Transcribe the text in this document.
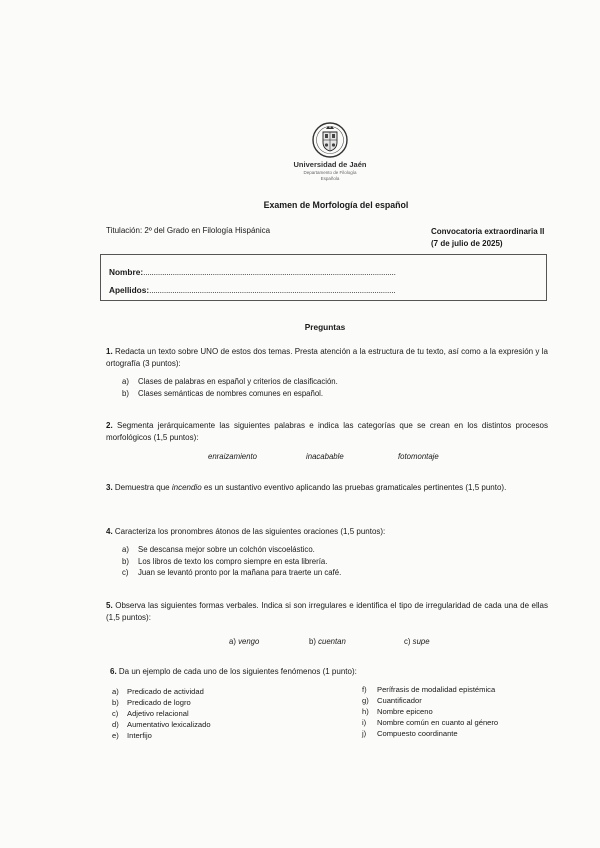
Universidad de Jaén
Departamento de Filología
Española
Examen de Morfología del español
Titulación: 2º del Grado en Filología Hispánica	Convocatoria extraordinaria II
(7 de julio de 2025)
Nombre:........................................................................................................................
Apellidos:.....................................................................................................................
Preguntas
1. Redacta un texto sobre UNO de estos dos temas. Presta atención a la estructura de tu texto, así como a la expresión y la ortografía (3 puntos):
a) Clases de palabras en español y criterios de clasificación.
b) Clases semánticas de nombres comunes en español.
2. Segmenta jerárquicamente las siguientes palabras e indica las categorías que se crean en los distintos procesos morfológicos (1,5 puntos):
enraizamiento	inacabable	fotomontaje
3. Demuestra que incendio es un sustantivo eventivo aplicando las pruebas gramaticales pertinentes (1,5 punto).
4. Caracteriza los pronombres átonos de las siguientes oraciones (1,5 puntos):
a) Se descansa mejor sobre un colchón viscoelástico.
b) Los libros de texto los compro siempre en esta librería.
c) Juan se levantó pronto por la mañana para traerte un café.
5. Observa las siguientes formas verbales. Indica si son irregulares e identifica el tipo de irregularidad de cada una de ellas (1,5 puntos):
a) vengo	b) cuentan	c) supe
6. Da un ejemplo de cada uno de los siguientes fenómenos (1 punto):
a) Predicado de actividad
b) Predicado de logro
c) Adjetivo relacional
d) Aumentativo lexicalizado
e) Interfijo
f) Perífrasis de modalidad epistémica
g) Cuantificador
h) Nombre epiceno
i) Nombre común en cuanto al género
j) Compuesto coordinante
